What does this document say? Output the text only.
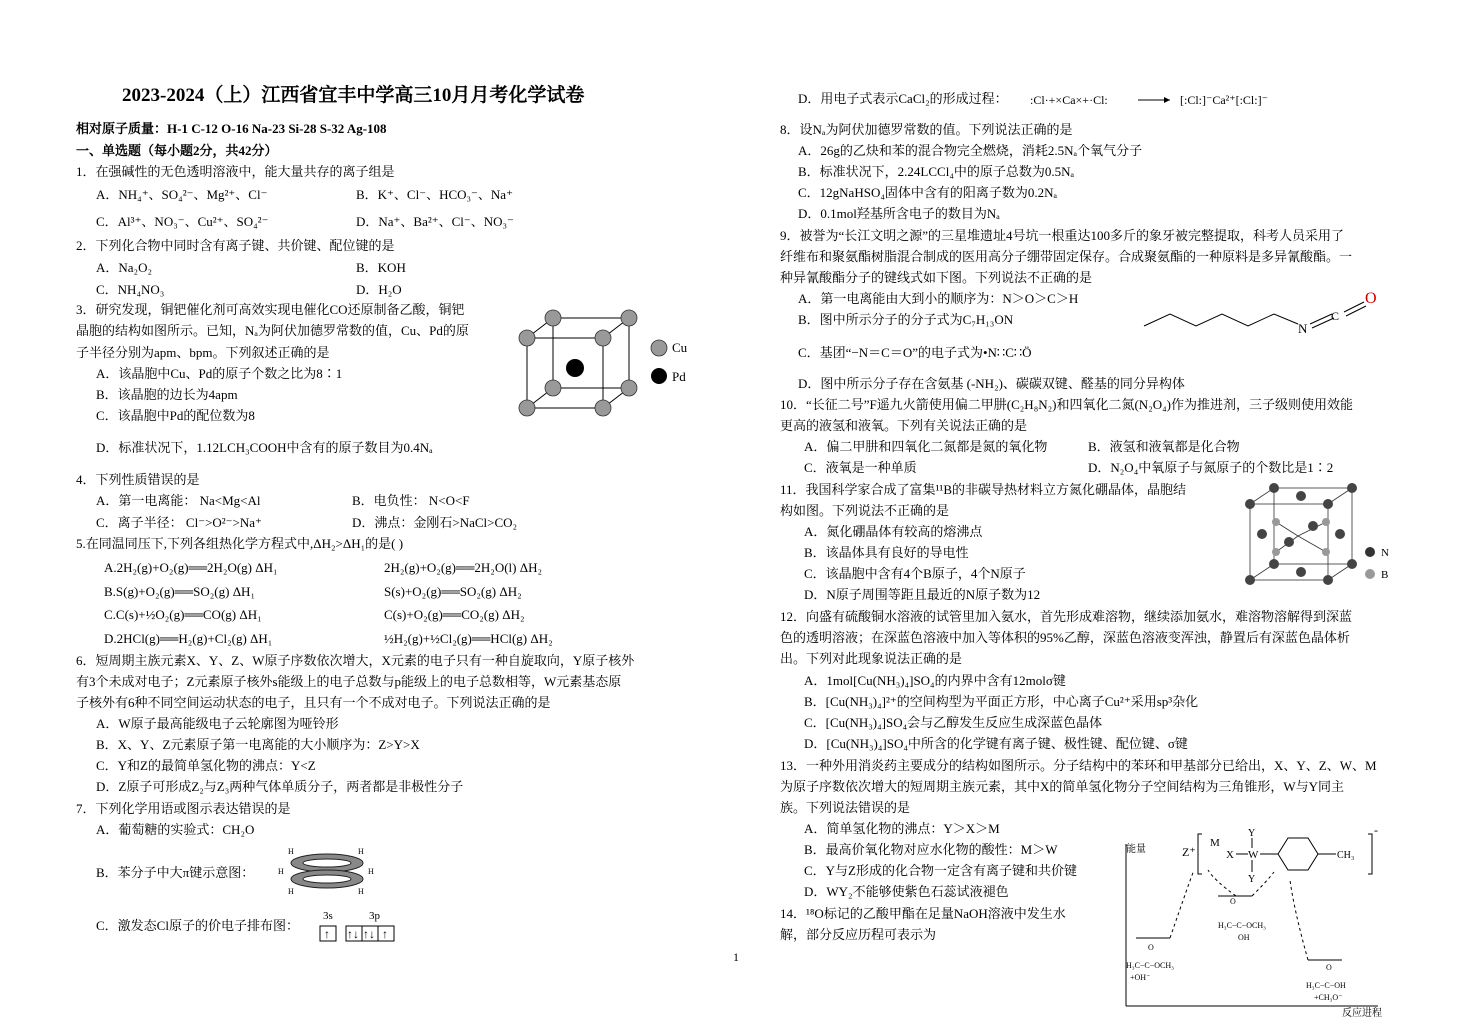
2023-2024（上）江西省宜丰中学高三10月月考化学试卷
相对原子质量：H-1 C-12 O-16 Na-23 Si-28 S-32 Ag-108
一、单选题（每小题2分，共42分）
1．在强碱性的无色透明溶液中，能大量共存的离子组是
A．NH₄⁺、SO₄²⁻、Mg²⁺、Cl⁻	B．K⁺、Cl⁻、HCO₃⁻、Na⁺
C．Al³⁺、NO₃⁻、Cu²⁺、SO₄²⁻	D．Na⁺、Ba²⁺、Cl⁻、NO₃⁻
2．下列化合物中同时含有离子键、共价键、配位键的是
A．Na₂O₂	B．KOH
C．NH₄NO₃	D．H₂O
3．研究发现，铜钯催化剂可高效实现电催化CO还原制备乙酸，铜钯
晶胞的结构如图所示。已知，Nₐ为阿伏加德罗常数的值，Cu、Pd的原
子半径分别为apm、bpm。下列叙述正确的是
A．该晶胞中Cu、Pd的原子个数之比为8∶1
B．该晶胞的边长为4apm
C．该晶胞中Pd的配位数为8
D．标准状况下，1.12LCH₃COOH中含有的原子数目为0.4Nₐ
Cu
Pd
4．下列性质错误的是
A．第一电离能： Na<Mg<Al	B．电负性： N<O<F
C．离子半径： Cl⁻>O²⁻>Na⁺	D．沸点：金刚石>NaCl>CO₂
5.在同温同压下,下列各组热化学方程式中,ΔH₂>ΔH₁的是( )
A.2H₂(g)+O₂(g)══2H₂O(g) ΔH₁	2H₂(g)+O₂(g)══2H₂O(l) ΔH₂
B.S(g)+O₂(g)══SO₂(g) ΔH₁	S(s)+O₂(g)══SO₂(g) ΔH₂
C.C(s)+½O₂(g)══CO(g) ΔH₁	C(s)+O₂(g)══CO₂(g) ΔH₂
D.2HCl(g)══H₂(g)+Cl₂(g) ΔH₁	½H₂(g)+½Cl₂(g)══HCl(g) ΔH₂
6．短周期主族元素X、Y、Z、W原子序数依次增大，X元素的电子只有一种自旋取向，Y原子核外
有3个未成对电子；Z元素原子核外s能级上的电子总数与p能级上的电子总数相等，W元素基态原
子核外有6种不同空间运动状态的电子，且只有一个不成对电子。下列说法正确的是
A．W原子最高能级电子云轮廓图为哑铃形
B．X、Y、Z元素原子第一电离能的大小顺序为：Z>Y>X
C．Y和Z的最简单氢化物的沸点：Y<Z
D．Z原子可形成Z₂与Z₃两种气体单质分子，两者都是非极性分子
7．下列化学用语或图示表达错误的是
A．葡萄糖的实验式：CH₂O
B．苯分子中大π键示意图：
H	H
H	H
H	H
C．激发态Cl原子的价电子排布图：
3s	3p
↑ ↑↓ ↑↓ ↑
1
D．用电子式表示CaCl₂的形成过程： :Cl·+×Ca×+·Cl:	[:Cl:]⁻Ca²⁺[:Cl:]⁻
8．设Nₐ为阿伏加德罗常数的值。下列说法正确的是
A．26g的乙炔和苯的混合物完全燃烧，消耗2.5Nₐ个氧气分子
B．标准状况下，2.24LCCl₄中的原子总数为0.5Nₐ
C．12gNaHSO₄固体中含有的阳离子数为0.2Nₐ
D．0.1mol羟基所含电子的数目为Nₐ
9．被誉为“长江文明之源”的三星堆遗址4号坑一根重达100多斤的象牙被完整提取，科考人员采用了
纤维布和聚氨酯树脂混合制成的医用高分子绷带固定保存。合成聚氨酯的一种原料是多异氰酸酯。一
种异氰酸酯分子的键线式如下图。下列说法不正确的是
A．第一电离能由大到小的顺序为：N＞O＞C＞H
B．图中所示分子的分子式为C₇H₁₃ON
C．基团“−N＝C＝O”的电子式为•N∷C∷Ö
D．图中所示分子存在含氨基 (-NH₂)、碳碳双键、醛基的同分异构体
N
C
O
10．“长征二号”F遥九火箭使用偏二甲肼(C₂H₈N₂)和四氧化二氮(N₂O₄)作为推进剂，三子级则使用效能
更高的液氢和液氧。下列有关说法正确的是
A．偏二甲肼和四氧化二氮都是氮的氧化物	B．液氢和液氧都是化合物
C．液氧是一种单质	D．N₂O₄中氧原子与氮原子的个数比是1∶2
11．我国科学家合成了富集¹¹B的非碳导热材料立方氮化硼晶体，晶胞结
构如图。下列说法不正确的是
A．氮化硼晶体有较高的熔沸点
B．该晶体具有良好的导电性
C．该晶胞中含有4个B原子，4个N原子
D．N原子周围等距且最近的N原子数为12
N
B
12．向盛有硫酸铜水溶液的试管里加入氨水，首先形成难溶物，继续添加氨水，难溶物溶解得到深蓝
色的透明溶液；在深蓝色溶液中加入等体积的95%乙醇，深蓝色溶液变浑浊，静置后有深蓝色晶体析
出。下列对此现象说法正确的是
A．1mol[Cu(NH₃)₄]SO₄的内界中含有12molσ键
B．[Cu(NH₃)₄]²⁺的空间构型为平面正方形，中心离子Cu²⁺采用sp³杂化
C．[Cu(NH₃)₄]SO₄会与乙醇发生反应生成深蓝色晶体
D．[Cu(NH₃)₄]SO₄中所含的化学键有离子键、极性键、配位键、σ键
13．一种外用消炎药主要成分的结构如图所示。分子结构中的苯环和甲基部分已给出，X、Y、Z、W、M
为原子序数依次增大的短周期主族元素，其中X的简单氢化物分子空间结构为三角锥形，W与Y同主
族。下列说法错误的是
A．简单氢化物的沸点：Y＞X＞M
B．最高价氧化物对应水化物的酸性：M＞W
C．Y与Z形成的化合物一定含有离子键和共价键
D．WY₂不能够使紫色石蕊试液褪色
14．¹⁸O标记的乙酸甲酯在足量NaOH溶液中发生水
解，部分反应历程可表示为
Z⁺
M
X W
Y
Y
CH₃
-
能量
反应进程
O
H₃C−C−OCH₃
+OH⁻
O
H₃C−C−OCH₃
OH
O
H₃C−C−OH
+CH₃O⁻
